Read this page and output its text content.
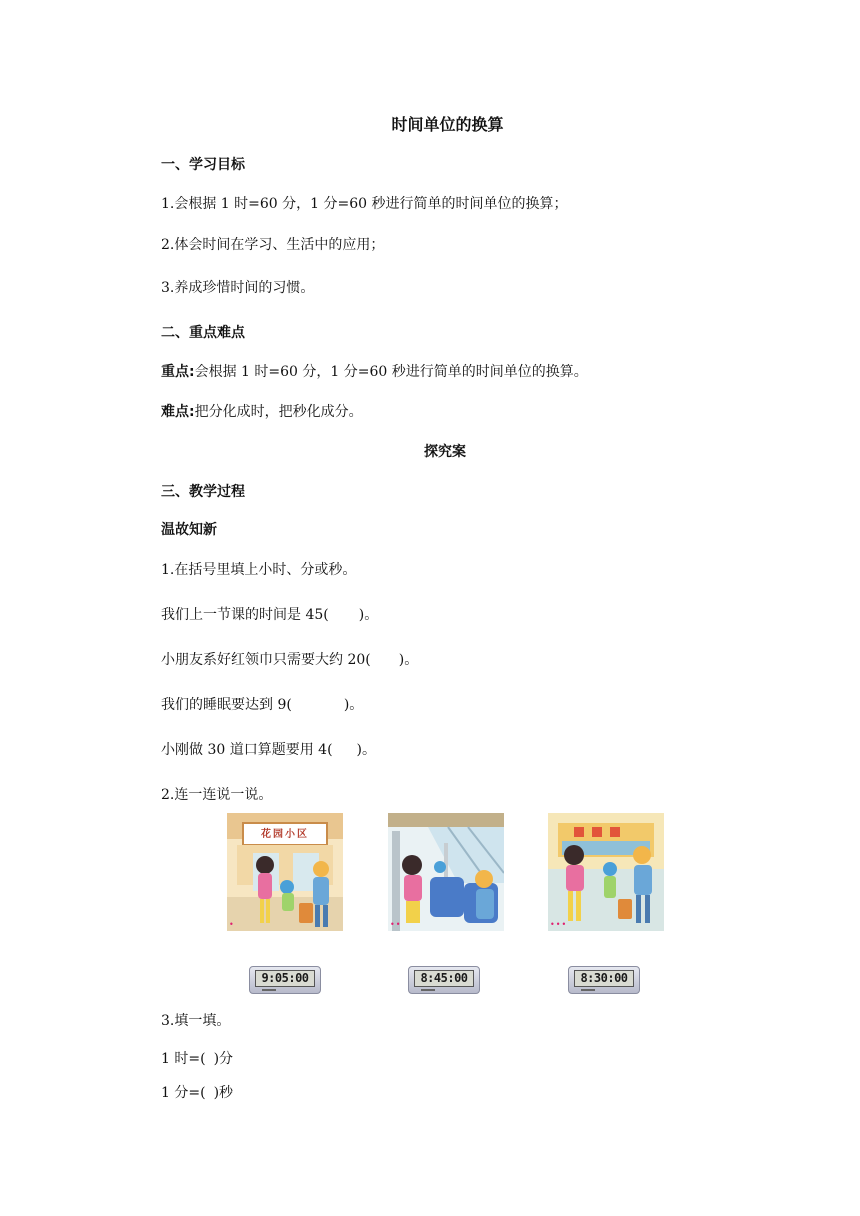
时间单位的换算
一、学习目标
1.会根据 1 时=60 分，1 分=60 秒进行简单的时间单位的换算；
2.体会时间在学习、生活中的应用；
3.养成珍惜时间的习惯。
二、重点难点
重点:会根据 1 时=60 分，1 分=60 秒进行简单的时间单位的换算。
难点:把分化成时，把秒化成分。
探究案
三、教学过程
温故知新
1.在括号里填上小时、分或秒。
我们上一节课的时间是 45( )。
小朋友系好红领巾只需要大约 20( )。
我们的睡眠要达到 9(	)。
小刚做 30 道口算题要用 4( )。
2.连一连说一说。
花园小区
•	••	•••
9:05:00	8:45:00	8:30:00
3.填一填。
1 时=( )分
1 分=( )秒
